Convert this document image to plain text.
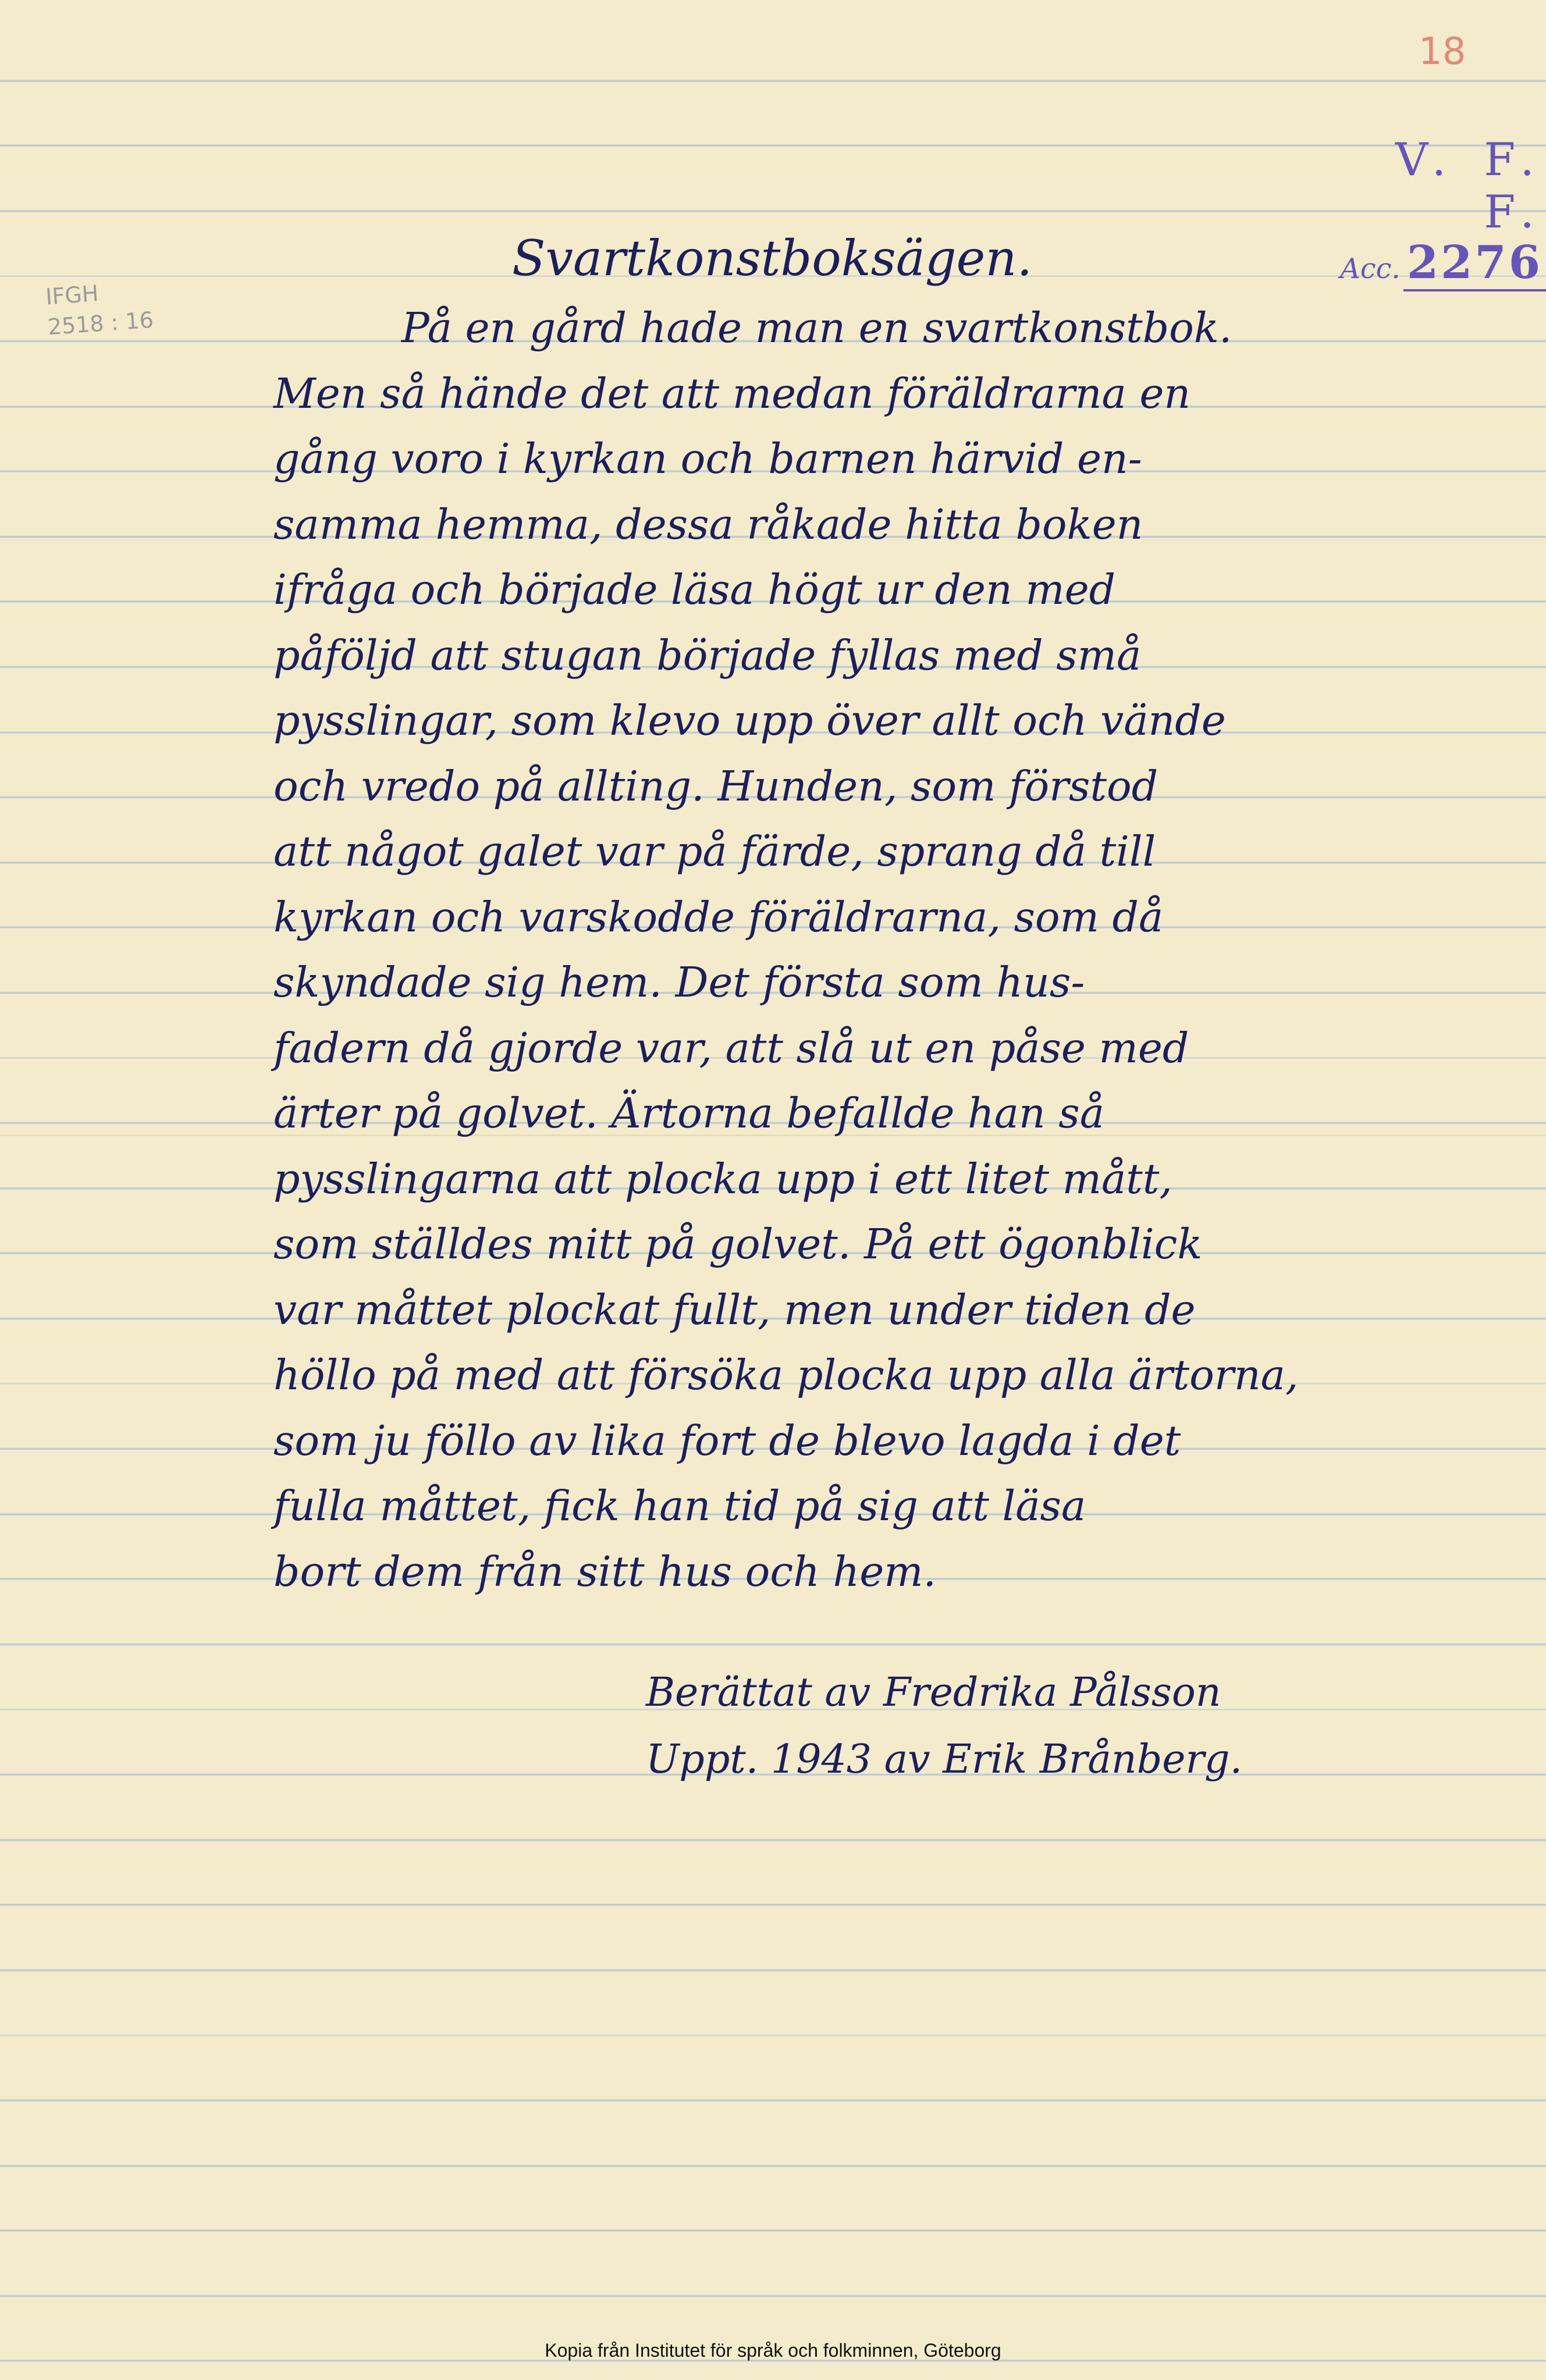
18
V. F. F.
Acc. 2276
IFGH
2518 : 16
Svartkonstboksägen.
På en gård hade man en svartkonstbok.
Men så hände det att medan föräldrarna en
gång voro i kyrkan och barnen härvid en-
samma hemma, dessa råkade hitta boken
ifråga och började läsa högt ur den med
påföljd att stugan började fyllas med små
pysslingar, som klevo upp över allt och vände
och vredo på allting. Hunden, som förstod
att något galet var på färde, sprang då till
kyrkan och varskodde föräldrarna, som då
skyndade sig hem. Det första som hus-
fadern då gjorde var, att slå ut en påse med
ärter på golvet. Ärtorna befallde han så
pysslingarna att plocka upp i ett litet mått,
som ställdes mitt på golvet. På ett ögonblick
var måttet plockat fullt, men under tiden de
höllo på med att försöka plocka upp alla ärtorna,
som ju föllo av lika fort de blevo lagda i det
fulla måttet, fick han tid på sig att läsa
bort dem från sitt hus och hem.
Berättat av Fredrika Pålsson
Uppt. 1943 av Erik Brånberg.
Kopia från Institutet för språk och folkminnen, Göteborg
